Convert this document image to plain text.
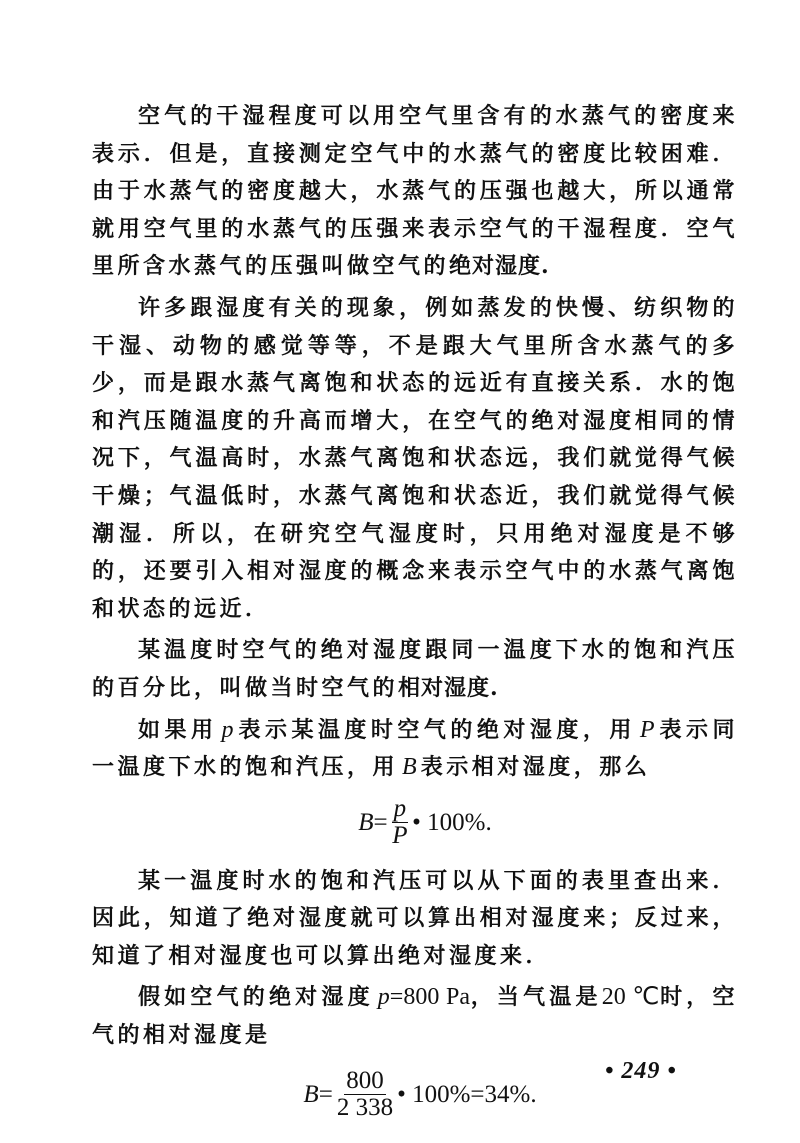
空气的干湿程度可以用空气里含有的水蒸气的密度来表示．但是，直接测定空气中的水蒸气的密度比较困难．由于水蒸气的密度越大，水蒸气的压强也越大，所以通常就用空气里的水蒸气的压强来表示空气的干湿程度．空气里所含水蒸气的压强叫做空气的绝对湿度.

许多跟湿度有关的现象，例如蒸发的快慢、纺织物的干湿、动物的感觉等等，不是跟大气里所含水蒸气的多少，而是跟水蒸气离饱和状态的远近有直接关系．水的饱和汽压随温度的升高而增大，在空气的绝对湿度相同的情况下，气温高时，水蒸气离饱和状态远，我们就觉得气候干燥；气温低时，水蒸气离饱和状态近，我们就觉得气候潮湿．所以，在研究空气湿度时，只用绝对湿度是不够的，还要引入相对湿度的概念来表示空气中的水蒸气离饱和状态的远近．

某温度时空气的绝对湿度跟同一温度下水的饱和汽压的百分比，叫做当时空气的相对湿度.

如果用 p 表示某温度时空气的绝对湿度，用 P 表示同一温度下水的饱和汽压，用 B 表示相对湿度，那么

$B = \frac{p}{P}$ • 100%.

某一温度时水的饱和汽压可以从下面的表里查出来．因此，知道了绝对湿度就可以算出相对湿度来；反过来，知道了相对湿度也可以算出绝对湿度来．

假如空气的绝对湿度 p=800 Pa，当气温是20 ℃时，空气的相对湿度是

$B = \frac{800}{2 338}$ • 100%=34%.
• 249 •
